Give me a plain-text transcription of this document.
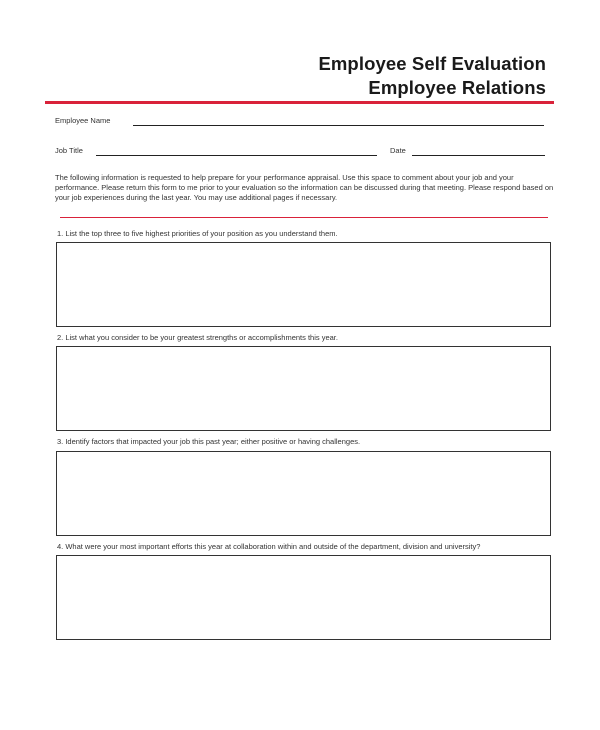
Employee Self Evaluation
Employee Relations
Employee Name
Job Title	Date

The following information is requested to help prepare for your performance appraisal. Use this space to comment about your job and your performance. Please return this form to me prior to your evaluation so the information can be discussed during that meeting. Please respond based on your job experiences during the last year. You may use additional pages if necessary.

1. List the top three to five highest priorities of your position as you understand them.
2. List what you consider to be your greatest strengths or accomplishments this year.
3. Identify factors that impacted your job this past year; either positive or having challenges.
4. What were your most important efforts this year at collaboration within and outside of the department, division and university?
